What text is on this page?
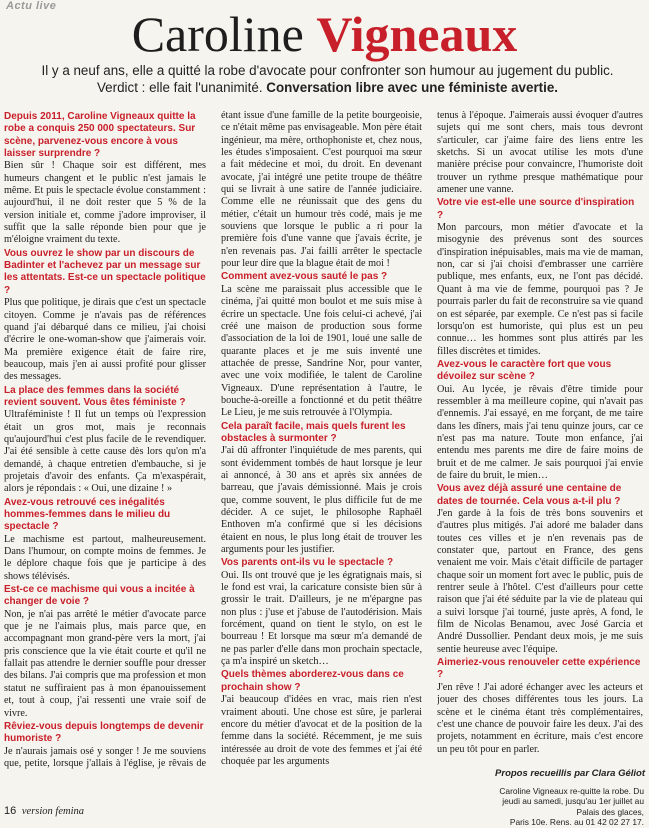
Actu live	Caroline Vigneaux
Il y a neuf ans, elle a quitté la robe d'avocate pour confronter son humour au jugement du public.
Verdict : elle fait l'unanimité. Conversation libre avec une féministe avertie.

Depuis 2011, Caroline Vigneaux quitte la robe a conquis 250 000 spectateurs. Sur scène, parvenez-vous encore à vous laisser surprendre ?

Bien sûr ! Chaque soir est différent, mes humeurs changent et le public n'est jamais le même. Et puis le spectacle évolue constamment : aujourd'hui, il ne doit rester que 5 % de la version initiale et, comme j'adore improviser, il suffit que la salle réponde bien pour que je m'éloigne vraiment du texte.

Vous ouvrez le show par un discours de Badinter et l'achevez par un message sur les attentats. Est-ce un spectacle politique ?

Plus que politique, je dirais que c'est un spectacle citoyen. Comme je n'avais pas de références quand j'ai débarqué dans ce milieu, j'ai choisi d'écrire le one-woman-show que j'aimerais voir. Ma première exigence était de faire rire, beaucoup, mais j'en ai aussi profité pour glisser des messages.

La place des femmes dans la société revient souvent. Vous êtes féministe ?

Ultraféministe ! Il fut un temps où l'expression était un gros mot, mais je reconnais qu'aujourd'hui c'est plus facile de le revendiquer. J'ai été sensible à cette cause dès lors qu'on m'a demandé, à chaque entretien d'embauche, si je projetais d'avoir des enfants. Ça m'exaspérait, alors je répondais : « Oui, une dizaine ! »

Avez-vous retrouvé ces inégalités hommes-femmes dans le milieu du spectacle ?

Le machisme est partout, malheureusement. Dans l'humour, on compte moins de femmes. Je le déplore chaque fois que je participe à des shows télévisés.

Est-ce ce machisme qui vous a incitée à changer de voie ?

Non, je n'ai pas arrêté le métier d'avocate parce que je ne l'aimais plus, mais parce que, en accompagnant mon grand-père vers la mort, j'ai pris conscience que la vie était courte et qu'il ne fallait pas attendre le dernier souffle pour dresser des bilans. J'ai compris que ma profession et mon statut ne suffiraient pas à mon épanouissement et, tout à coup, j'ai ressenti une vraie soif de vivre.

Rêviez-vous depuis longtemps de devenir humoriste ?

Je n'aurais jamais osé y songer ! Je me souviens que, petite, lorsque j'allais à l'église, je rêvais de

étant issue d'une famille de la petite bourgeoisie, ce n'était même pas envisageable. Mon père était ingénieur, ma mère, orthophoniste et, chez nous, les études s'imposaient. C'est pourquoi ma sœur a fait médecine et moi, du droit. En devenant avocate, j'ai intégré une petite troupe de théâtre qui se livrait à une satire de l'année judiciaire. Comme elle ne réunissait que des gens du métier, c'était un humour très codé, mais je me souviens que lorsque le public a ri pour la première fois d'une vanne que j'avais écrite, je n'en revenais pas. J'ai failli arrêter le spectacle pour leur dire que la blague était de moi !

Comment avez-vous sauté le pas ?

La scène me paraissait plus accessible que le cinéma, j'ai quitté mon boulot et me suis mise à écrire un spectacle. Une fois celui-ci achevé, j'ai créé une maison de production sous forme d'association de la loi de 1901, loué une salle de quarante places et je me suis inventé une attachée de presse, Sandrine Nor, pour vanter, avec une voix modifiée, le talent de Caroline Vigneaux. D'une représentation à l'autre, le bouche-à-oreille a fonctionné et du petit théâtre Le Lieu, je me suis retrouvée à l'Olympia.

Cela paraît facile, mais quels furent les obstacles à surmonter ?

J'ai dû affronter l'inquiétude de mes parents, qui sont évidemment tombés de haut lorsque je leur ai annoncé, à 30 ans et après six années de barreau, que j'avais démissionné. Mais je crois que, comme souvent, le plus difficile fut de me décider. A ce sujet, le philosophe Raphaël Enthoven m'a confirmé que si les décisions étaient en nous, le plus long était de trouver les arguments pour les justifier.

Vos parents ont-ils vu le spectacle ?

Oui. Ils ont trouvé que je les égratignais mais, si le fond est vrai, la caricature consiste bien sûr à grossir le trait. D'ailleurs, je ne m'épargne pas non plus : j'use et j'abuse de l'autodérision. Mais forcément, quand on tient le stylo, on est le bourreau ! Et lorsque ma sœur m'a demandé de ne pas parler d'elle dans mon prochain spectacle, ça m'a inspiré un sketch…

Quels thèmes aborderez-vous dans ce prochain show ?

J'ai beaucoup d'idées en vrac, mais rien n'est vraiment abouti. Une chose est sûre, je parlerai encore du métier d'avocat et de la position de la femme dans la société. Récemment, je me suis intéressée au droit de vote des femmes et j'ai été choquée par les arguments

tenus à l'époque. J'aimerais aussi évoquer d'autres sujets qui me sont chers, mais tous devront s'articuler, car j'aime faire des liens entre les sketchs. Si un avocat utilise les mots d'une manière précise pour convaincre, l'humoriste doit trouver un rythme presque mathématique pour amener une vanne.

Votre vie est-elle une source d'inspiration ?

Mon parcours, mon métier d'avocate et la misogynie des prévenus sont des sources d'inspiration inépuisables, mais ma vie de maman, non, car si j'ai choisi d'embrasser une carrière publique, mes enfants, eux, ne l'ont pas décidé. Quant à ma vie de femme, pourquoi pas ? Je pourrais parler du fait de reconstruire sa vie quand on est séparée, par exemple. Ce n'est pas si facile lorsqu'on est humoriste, qui plus est un peu connue… les hommes sont plus attirés par les filles discrètes et timides.

Avez-vous le caractère fort que vous dévoilez sur scène ?

Oui. Au lycée, je rêvais d'être timide pour ressembler à ma meilleure copine, qui n'avait pas d'ennemis. J'ai essayé, en me forçant, de me taire dans les dîners, mais j'ai tenu quinze jours, car ce n'est pas ma nature. Toute mon enfance, j'ai entendu mes parents me dire de faire moins de bruit et de me calmer. Je sais pourquoi j'ai envie de faire du bruit, le mien…

Vous avez déjà assuré une centaine de dates de tournée. Cela vous a-t-il plu ?

J'en garde à la fois de très bons souvenirs et d'autres plus mitigés. J'ai adoré me balader dans toutes ces villes et je n'en revenais pas de constater que, partout en France, des gens venaient me voir. Mais c'était difficile de partager chaque soir un moment fort avec le public, puis de rentrer seule à l'hôtel. C'est d'ailleurs pour cette raison que j'ai été séduite par la vie de plateau qui a suivi lorsque j'ai tourné, juste après, A fond, le film de Nicolas Benamou, avec José Garcia et André Dussollier. Pendant deux mois, je me suis sentie heureuse avec l'équipe.

Aimeriez-vous renouveler cette expérience ?

J'en rêve ! J'ai adoré échanger avec les acteurs et jouer des choses différentes tous les jours. La scène et le cinéma étant très complémentaires, c'est une chance de pouvoir faire les deux. J'ai des projets, notamment en écriture, mais c'est encore un peu tôt pour en parler.

Propos recueillis par Clara Géliot
Caroline Vigneaux re-quitte la robe. Du jeudi au samedi, jusqu'au 1er juillet au Palais des glaces,
Paris 10e. Rens. au 01 42 02 27 17.
16 version femina
